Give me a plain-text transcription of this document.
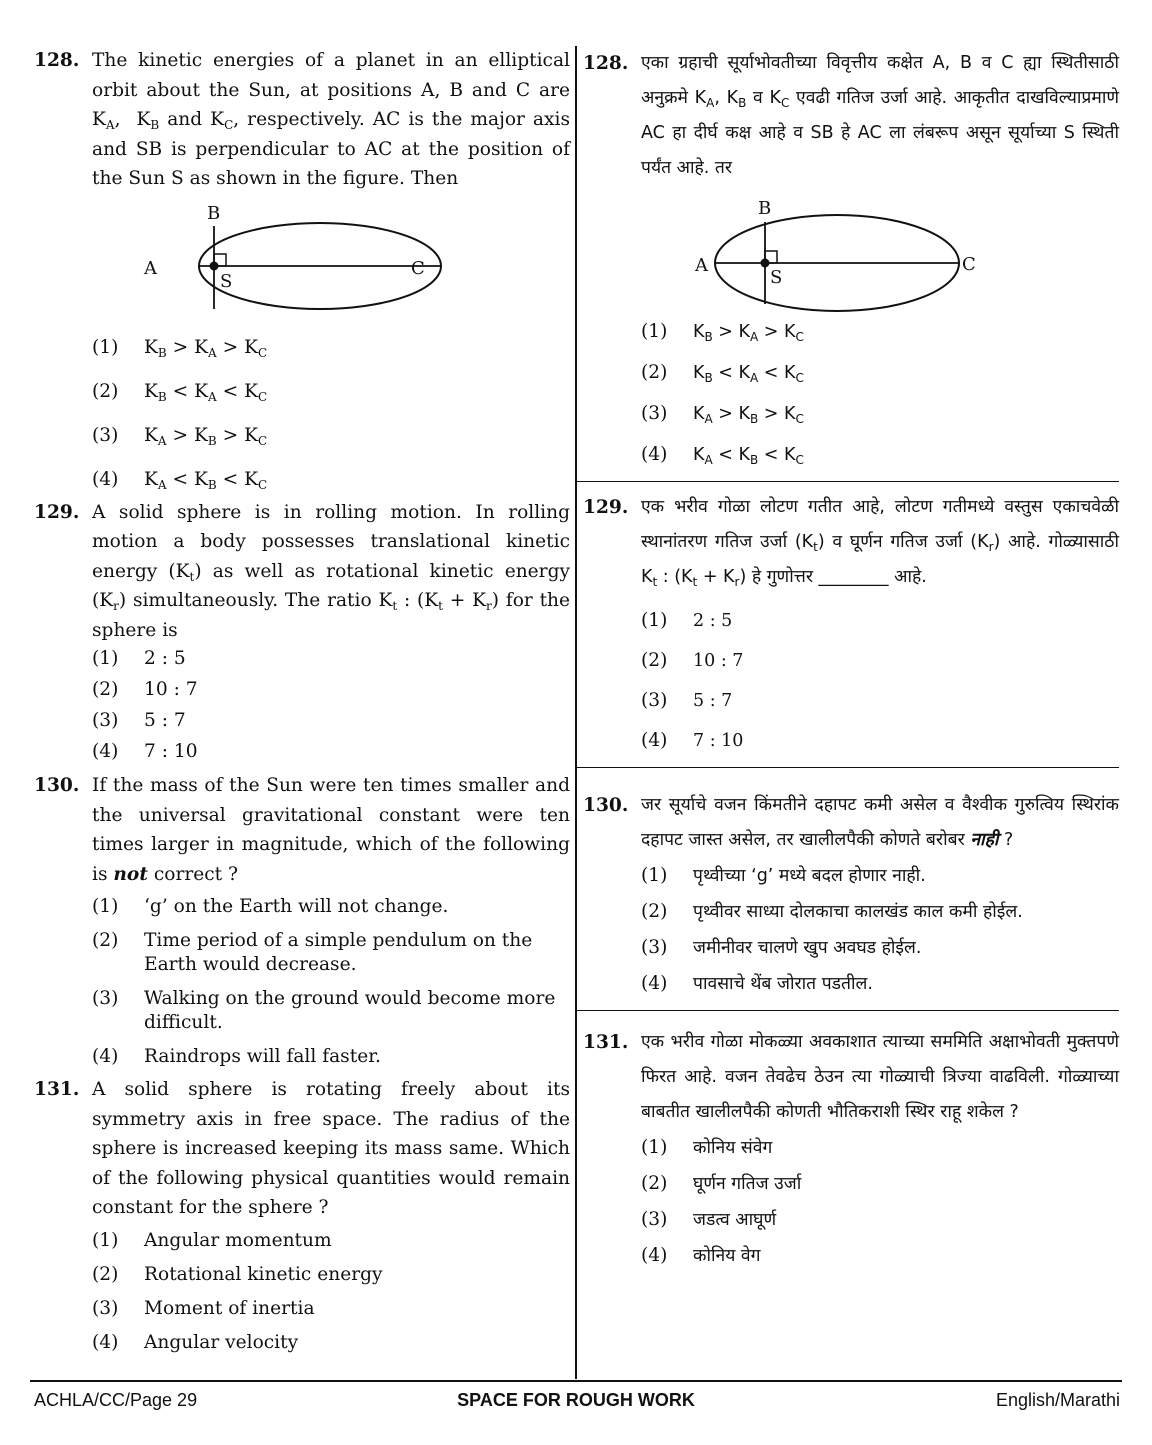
128. The kinetic energies of a planet in an elliptical orbit about the Sun, at positions A, B and C are $K_A$,  $K_B$ and $K_C$, respectively. AC is the major axis and SB is perpendicular to AC at the position of the Sun S as shown in the figure. Then
A
B
C
S
(1) $K_B > K_A > K_C$
(2) $K_B < K_A < K_C$
(3) $K_A > K_B > K_C$
(4) $K_A < K_B < K_C$
129. A solid sphere is in rolling motion. In rolling motion a body possesses translational kinetic energy $(K_t)$ as well as rotational kinetic energy $(K_r)$ simultaneously. The ratio $K_t$ : $(K_t + K_r)$ for the sphere is
(1) 2 : 5
(2) 10 : 7
(3) 5 : 7
(4) 7 : 10
130. If the mass of the Sun were ten times smaller and the universal gravitational constant were ten times larger in magnitude, which of the following is not correct ?
(1) ‘g’ on the Earth will not change.
(2) Time period of a simple pendulum on the Earth would decrease.
(3) Walking on the ground would become more difficult.
(4) Raindrops will fall faster.
131. A solid sphere is rotating freely about its symmetry axis in free space. The radius of the sphere is increased keeping its mass same. Which of the following physical quantities would remain constant for the sphere ?
(1) Angular momentum
(2) Rotational kinetic energy
(3) Moment of inertia
(4) Angular velocity
128. एका ग्रहाची सूर्याभोवतीच्या विवृत्तीय कक्षेत A, B व C ह्या स्थितीसाठी अनुक्रमे $K_A$, $K_B$ व $K_C$ एवढी गतिज उर्जा आहे. आकृतीत दाखविल्याप्रमाणे AC हा दीर्घ कक्ष आहे व SB हे AC ला लंबरूप असून सूर्याच्या S स्थिती पर्यंत आहे. तर
A
B
C
S
(1) $K_B > K_A > K_C$
(2) $K_B < K_A < K_C$
(3) $K_A > K_B > K_C$
(4) $K_A < K_B < K_C$
129. एक भरीव गोळा लोटण गतीत आहे, लोटण गतीमध्ये वस्तुस एकाचवेळी स्थानांतरण गतिज उर्जा $(K_t)$ व घूर्णन गतिज उर्जा $(K_r)$ आहे. गोळ्यासाठी $K_t$ : $(K_t + K_r)$ हे गुणोत्तर ________ आहे.
(1) 2 : 5
(2) 10 : 7
(3) 5 : 7
(4) 7 : 10
130. जर सूर्याचे वजन किंमतीने दहापट कमी असेल व वैश्वीक गुरुत्विय स्थिरांक दहापट जास्त असेल, तर खालीलपैकी कोणते बरोबर नाही ?
(1) पृथ्वीच्या ‘g’ मध्ये बदल होणार नाही.
(2) पृथ्वीवर साध्या दोलकाचा कालखंड काल कमी होईल.
(3) जमीनीवर चालणे खुप अवघड होईल.
(4) पावसाचे थेंब जोरात पडतील.
131. एक भरीव गोळा मोकळ्या अवकाशात त्याच्या सममिति अक्षाभोवती मुक्तपणे फिरत आहे. वजन तेवढेच ठेउन त्या गोळ्याची त्रिज्या वाढविली. गोळ्याच्या बाबतीत खालीलपैकी कोणती भौतिकराशी स्थिर राहू शकेल ?
(1) कोनिय संवेग
(2) घूर्णन गतिज उर्जा
(3) जडत्व आघूर्ण
(4) कोनिय वेग
ACHLA/CC/Page 29	SPACE FOR ROUGH WORK	English/Marathi
